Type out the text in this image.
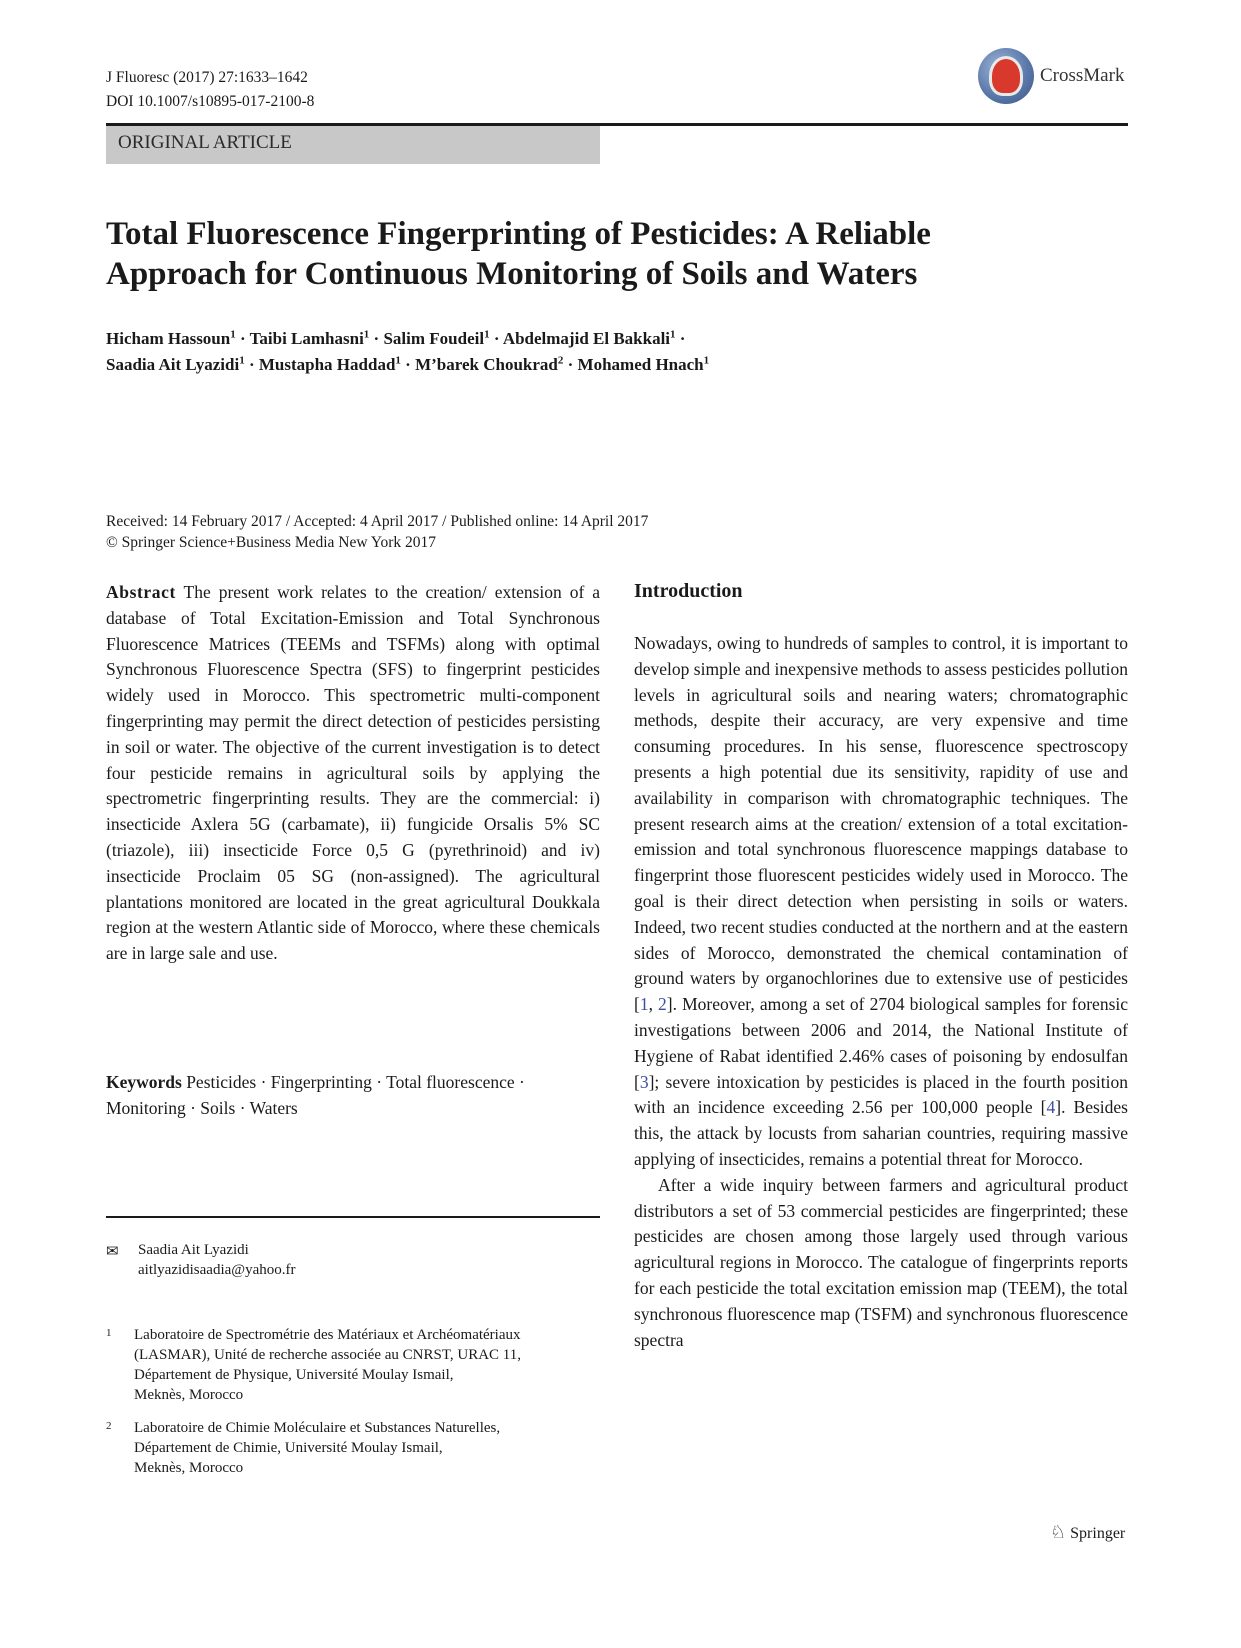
J Fluoresc (2017) 27:1633–1642
DOI 10.1007/s10895-017-2100-8
CrossMark
ORIGINAL ARTICLE
Total Fluorescence Fingerprinting of Pesticides: A Reliable
Approach for Continuous Monitoring of Soils and Waters
Hicham Hassoun$^1$ · Taibi Lamhasni$^1$ · Salim Foudeil$^1$ · Abdelmajid El Bakkali$^1$ ·
Saadia Ait Lyazidi$^1$ · Mustapha Haddad$^1$ · M’barek Choukrad$^2$ · Mohamed Hnach$^1$
Received: 14 February 2017 / Accepted: 4 April 2017 / Published online: 14 April 2017
© Springer Science+Business Media New York 2017

Abstract The present work relates to the creation/ extension of a database of Total Excitation-Emission and Total Synchronous Fluorescence Matrices (TEEMs and TSFMs) along with optimal Synchronous Fluorescence Spectra (SFS) to fingerprint pesticides widely used in Morocco. This spectrometric multi-component fingerprinting may permit the direct detection of pesticides persisting in soil or water. The objective of the current investigation is to detect four pesticide remains in agricultural soils by applying the spectrometric fingerprinting results. They are the commercial: i) insecticide Axlera 5G (carbamate), ii) fungicide Orsalis 5% SC (triazole), iii) insecticide Force 0,5 G (pyrethrinoid) and iv) insecticide Proclaim 05 SG (non-assigned). The agricultural plantations monitored are located in the great agricultural Doukkala region at the western Atlantic side of Morocco, where these chemicals are in large sale and use.

Keywords Pesticides · Fingerprinting · Total fluorescence ·
Monitoring · Soils · Waters
✉ Saadia Ait Lyazidi
aitlyazidisaadia@yahoo.fr
1 Laboratoire de Spectrométrie des Matériaux et Archéomatériaux
(LASMAR), Unité de recherche associée au CNRST, URAC 11,
Département de Physique, Université Moulay Ismail,
Meknès, Morocco
2 Laboratoire de Chimie Moléculaire et Substances Naturelles,
Département de Chimie, Université Moulay Ismail,
Meknès, Morocco
Introduction

Nowadays, owing to hundreds of samples to control, it is important to develop simple and inexpensive methods to assess pesticides pollution levels in agricultural soils and nearing waters; chromatographic methods, despite their accuracy, are very expensive and time consuming procedures. In his sense, fluorescence spectroscopy presents a high potential due its sensitivity, rapidity of use and availability in comparison with chromatographic techniques. The present research aims at the creation/ extension of a total excitation-emission and total synchronous fluorescence mappings database to fingerprint those fluorescent pesticides widely used in Morocco. The goal is their direct detection when persisting in soils or waters. Indeed, two recent studies conducted at the northern and at the eastern sides of Morocco, demonstrated the chemical contamination of ground waters by organochlorines due to extensive use of pesticides [1, 2]. Moreover, among a set of 2704 biological samples for forensic investigations between 2006 and 2014, the National Institute of Hygiene of Rabat identified 2.46% cases of poisoning by endosulfan [3]; severe intoxication by pesticides is placed in the fourth position with an incidence exceeding 2.56 per 100,000 people [4]. Besides this, the attack by locusts from saharian countries, requiring massive applying of insecticides, remains a potential threat for Morocco.

After a wide inquiry between farmers and agricultural product distributors a set of 53 commercial pesticides are fingerprinted; these pesticides are chosen among those largely used through various agricultural regions in Morocco. The catalogue of fingerprints reports for each pesticide the total excitation emission map (TEEM), the total synchronous fluorescence map (TSFM) and synchronous fluorescence spectra

♘ Springer
